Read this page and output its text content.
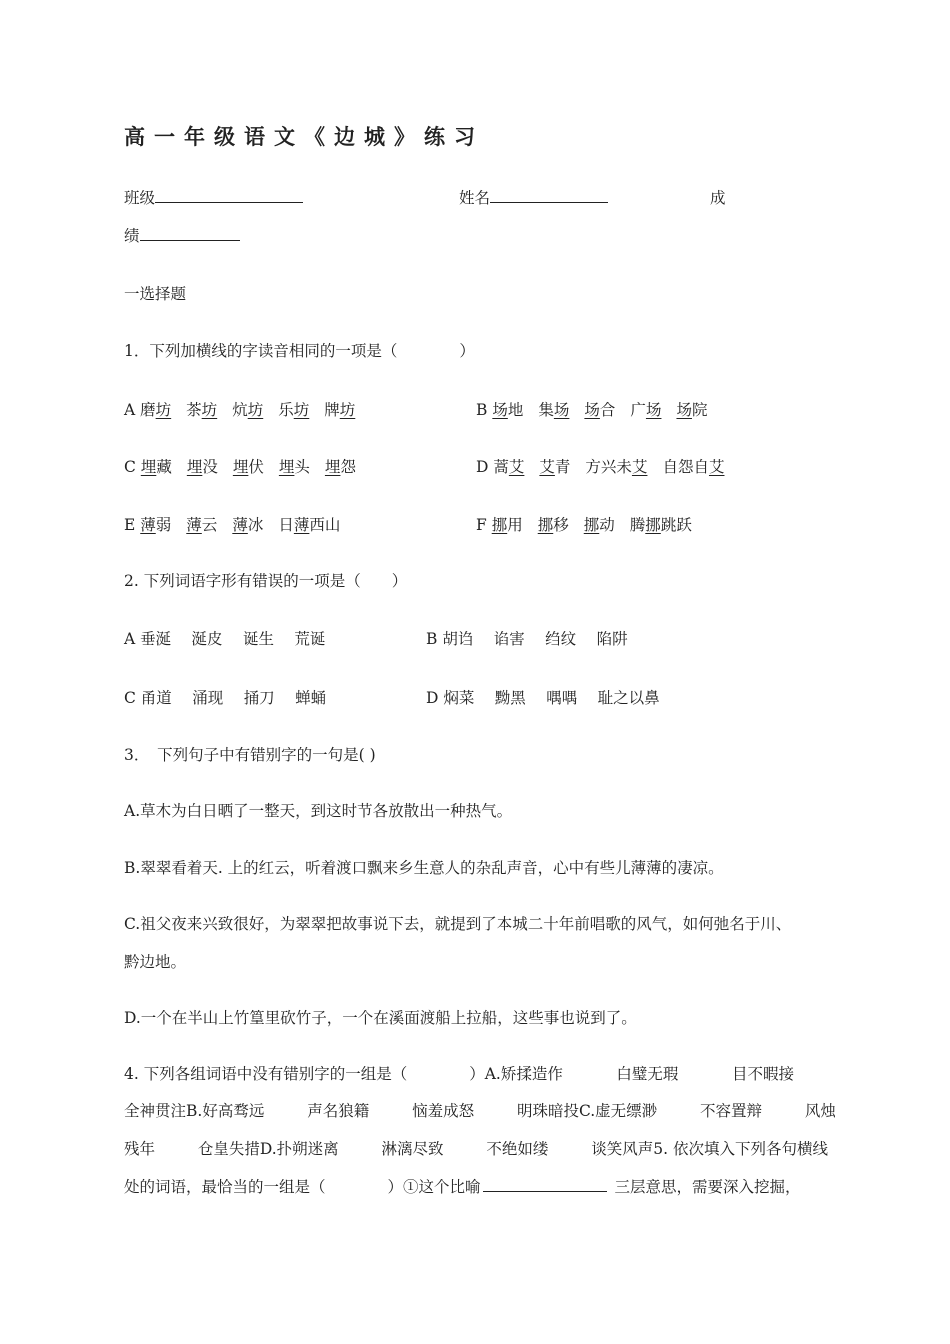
高一年级语文《边城》练习
班级	姓名	成
绩
一选择题
1．下列加横线的字读音相同的一项是（　　　　）
A 磨坊 茶坊 炕坊 乐坊 牌坊	B 场地 集场 场合 广场 场院
C 埋藏 埋没 埋伏 埋头 埋怨	D 蒿艾 艾青 方兴未艾 自怨自艾
E 薄弱 薄云 薄冰 日薄西山	F 挪用 挪移 挪动 腾挪跳跃
2. 下列词语字形有错误的一项是（　　）
A 垂涎　 涎皮　 诞生　 荒诞	B 胡诌　 谄害　 绉纹　 陷阱
C 甬道　 涌现　 捅刀　 蝉蛹	D 焖菜　 黝黑　 喁喁　 耻之以鼻
3．　下列句子中有错别字的一句是( )
A.草木为白日晒了一整天，到这时节各放散出一种热气。
B.翠翠看着天. 上的红云，听着渡口飘来乡生意人的杂乱声音，心中有些儿薄薄的凄凉。
C.祖父夜来兴致很好，为翠翠把故事说下去，就提到了本城二十年前唱歌的风气，如何弛名于川、
黔边地。
D.一个在半山上竹篁里砍竹子，一个在溪面渡船上拉船，这些事也说到了。
4. 下列各组词语中没有错别字的一组是（　　　　）A.矫揉造作	白璧无瑕	目不暇接
全神贯注B.好高骛远	声名狼籍	恼羞成怒	明珠暗投C.虚无缥渺	不容置辩	风烛
残年	仓皇失措D.扑朔迷离	淋漓尽致	不绝如缕	谈笑风声5. 依次填入下列各句横线
处的词语，最恰当的一组是（　　　　）①这个比喻	三层意思，需要深入挖掘，
